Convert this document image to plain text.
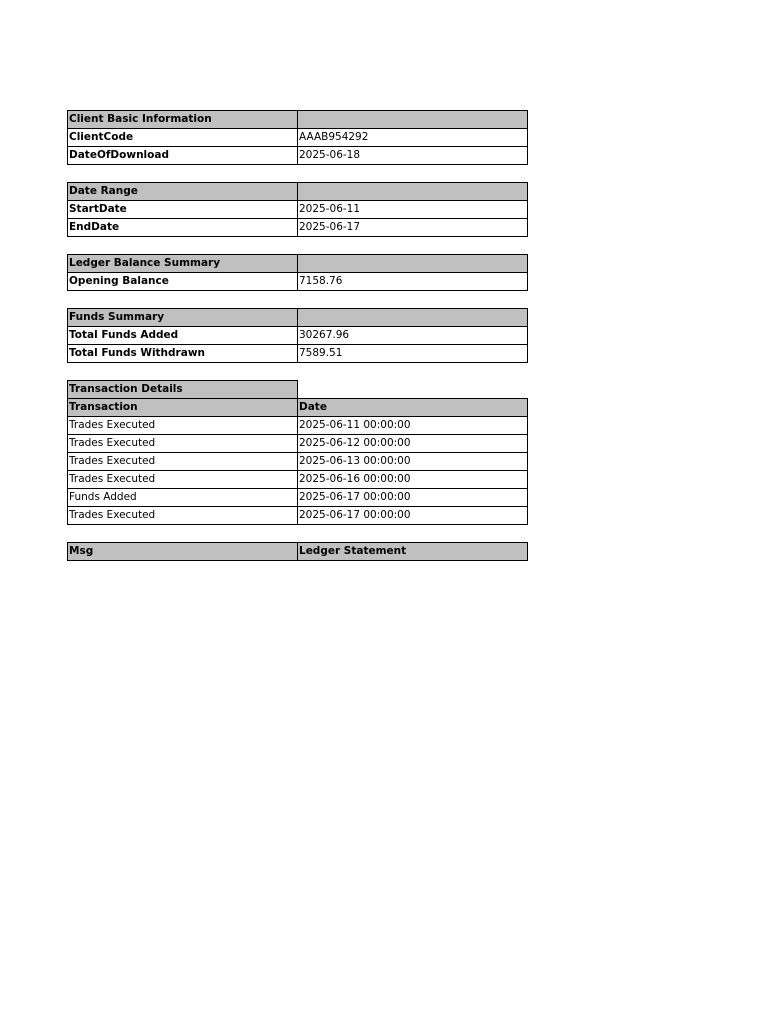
Client Basic Information	
ClientCode	AAAB954292
DateOfDownload	2025-06-18
Date Range	
StartDate	2025-06-11
EndDate	2025-06-17
Ledger Balance Summary	
Opening Balance	7158.76
Funds Summary	
Total Funds Added	30267.96
Total Funds Withdrawn	7589.51
Transaction Details	
Transaction	Date
Trades Executed	2025-06-11 00:00:00
Trades Executed	2025-06-12 00:00:00
Trades Executed	2025-06-13 00:00:00
Trades Executed	2025-06-16 00:00:00
Funds Added	2025-06-17 00:00:00
Trades Executed	2025-06-17 00:00:00
Msg	Ledger Statement
